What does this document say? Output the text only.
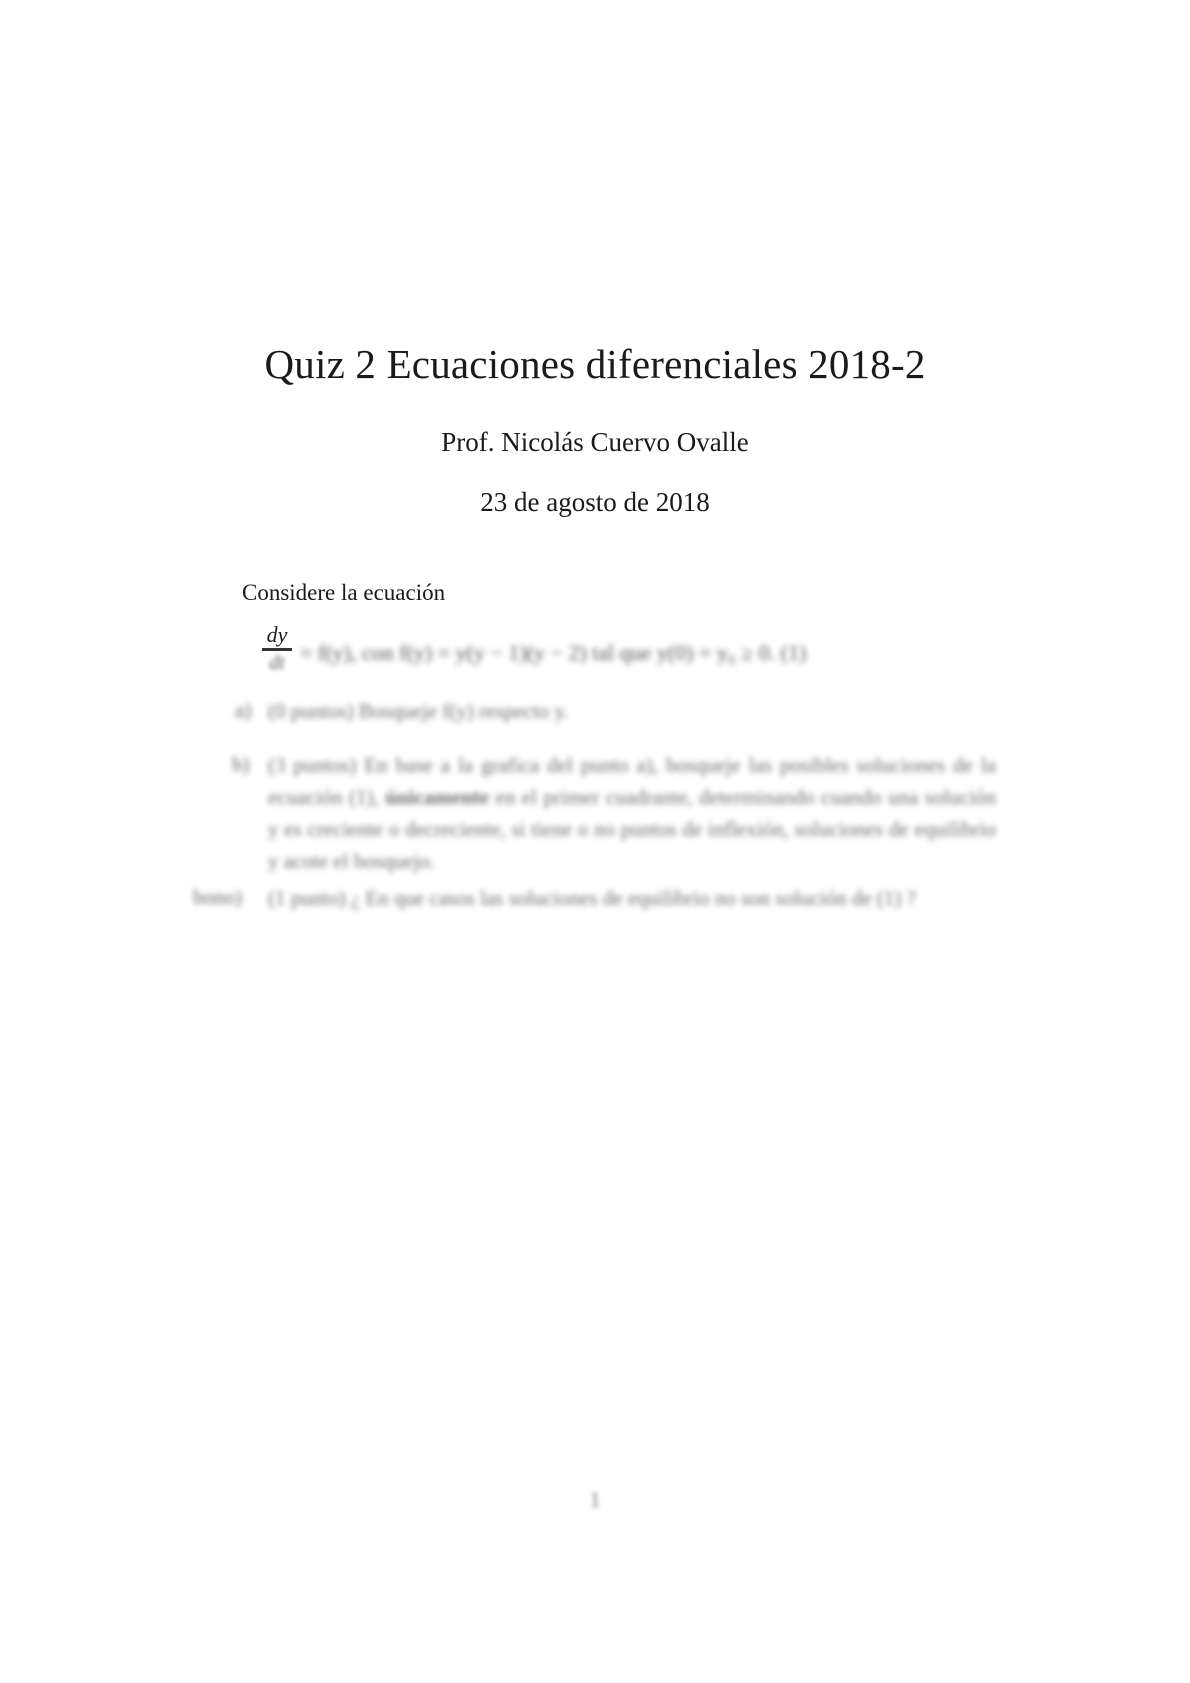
Quiz 2 Ecuaciones diferenciales 2018-2
Prof. Nicolás Cuervo Ovalle
23 de agosto de 2018
Considere la ecuación
dy
dt = f(y), con f(y) = y(y − 1)(y − 2) tal que y(0) = y₀ ≥ 0. (1)
a) (0 puntos) Bosqueje f(y) respecto y.
b) (3 puntos) En base a la grafica del punto a), bosqueje las posibles soluciones de la ecuación (1), únicamente en el primer cuadrante, determinando cuando una solución y es creciente o decreciente, si tiene o no puntos de inflexión, soluciones de equilibrio y acote el bosquejo.
bono) (1 punto) ¿ En que casos las soluciones de equilibrio no son solución de (1) ?
1
